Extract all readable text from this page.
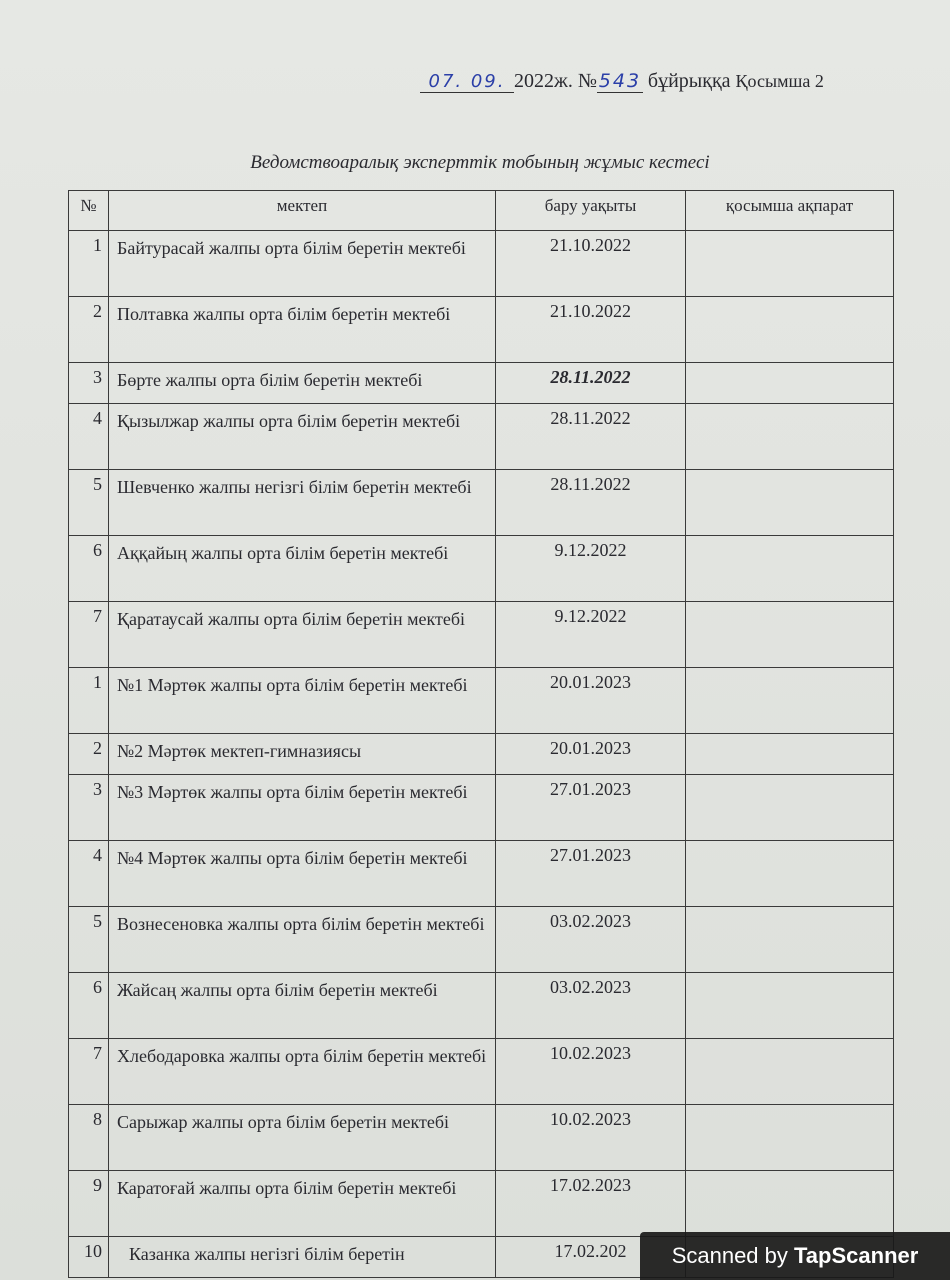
07. 09. 2022ж. №543 бұйрыққа Қосымша 2
Ведомствоаралық эксперттік тобының жұмыс кестесі
№	мектеп	бару уақыты	қосымша ақпарат
1	Байтурасай жалпы орта білім беретін мектебі	21.10.2022	
2	Полтавка жалпы орта білім беретін мектебі	21.10.2022	
3	Бөрте жалпы орта білім беретін мектебі	28.11.2022	
4	Қызылжар жалпы орта білім беретін мектебі	28.11.2022	
5	Шевченко жалпы негізгі білім беретін мектебі	28.11.2022	
6	Аққайың жалпы орта білім беретін мектебі	9.12.2022	
7	Қаратаусай жалпы орта білім беретін мектебі	9.12.2022	
1	№1 Мәртөк жалпы орта білім беретін мектебі	20.01.2023	
2	№2 Мәртөк мектеп-гимназиясы	20.01.2023	
3	№3 Мәртөк жалпы орта білім беретін мектебі	27.01.2023	
4	№4 Мәртөк жалпы орта білім беретін мектебі	27.01.2023	
5	Вознесеновка жалпы орта білім беретін мектебі	03.02.2023	
6	Жайсаң жалпы орта білім беретін мектебі	03.02.2023	
7	Хлебодаровка жалпы орта білім беретін мектебі	10.02.2023	
8	Сарыжар жалпы орта білім беретін мектебі	10.02.2023	
9	Каратоғай жалпы орта білім беретін мектебі	17.02.2023	
10	Казанка жалпы негізгі білім беретін	17.02.202		Scanned by TapScanner
